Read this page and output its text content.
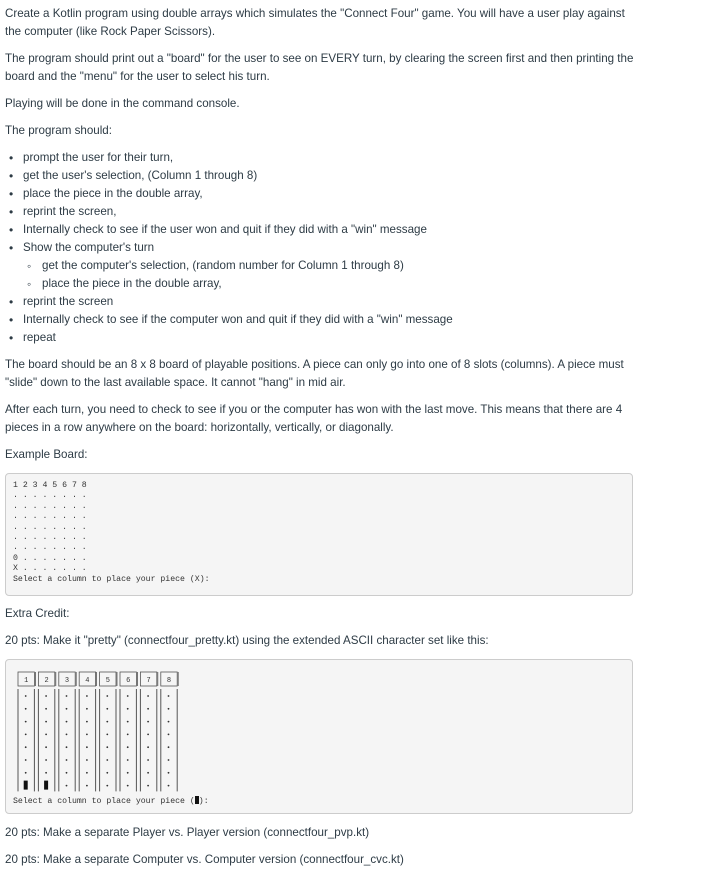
Create a Kotlin program using double arrays which simulates the "Connect Four" game. You will have a user play against the computer (like Rock Paper Scissors).

The program should print out a "board" for the user to see on EVERY turn, by clearing the screen first and then printing the board and the "menu" for the user to select his turn.

Playing will be done in the command console.

The program should:

• prompt the user for their turn,
• get the user's selection, (Column 1 through 8)
• place the piece in the double array,
• reprint the screen,
• Internally check to see if the user won and quit if they did with a "win" message
• Show the computer's turn
◦ get the computer's selection, (random number for Column 1 through 8)
◦ place the piece in the double array,
• reprint the screen
• Internally check to see if the computer won and quit if they did with a "win" message
• repeat

The board should be an 8 x 8 board of playable positions. A piece can only go into one of 8 slots (columns). A piece must "slide" down to the last available space. It cannot "hang" in mid air.

After each turn, you need to check to see if you or the computer has won with the last move. This means that there are 4 pieces in a row anywhere on the board: horizontally, vertically, or diagonally.

Example Board:

1 2 3 4 5 6 7 8
. . . . . . . .
. . . . . . . .
. . . . . . . .
. . . . . . . .
. . . . . . . .
. . . . . . . .
0 . . . . . . .
X . . . . . . .
Select a column to place your piece (X):

Extra Credit:

20 pts: Make it "pretty" (connectfour_pretty.kt) using the extended ASCII character set like this:

1 2 3 4 5 6 7 8
Select a column to place your piece ( ):

20 pts: Make a separate Player vs. Player version (connectfour_pvp.kt)

20 pts: Make a separate Computer vs. Computer version (connectfour_cvc.kt)
